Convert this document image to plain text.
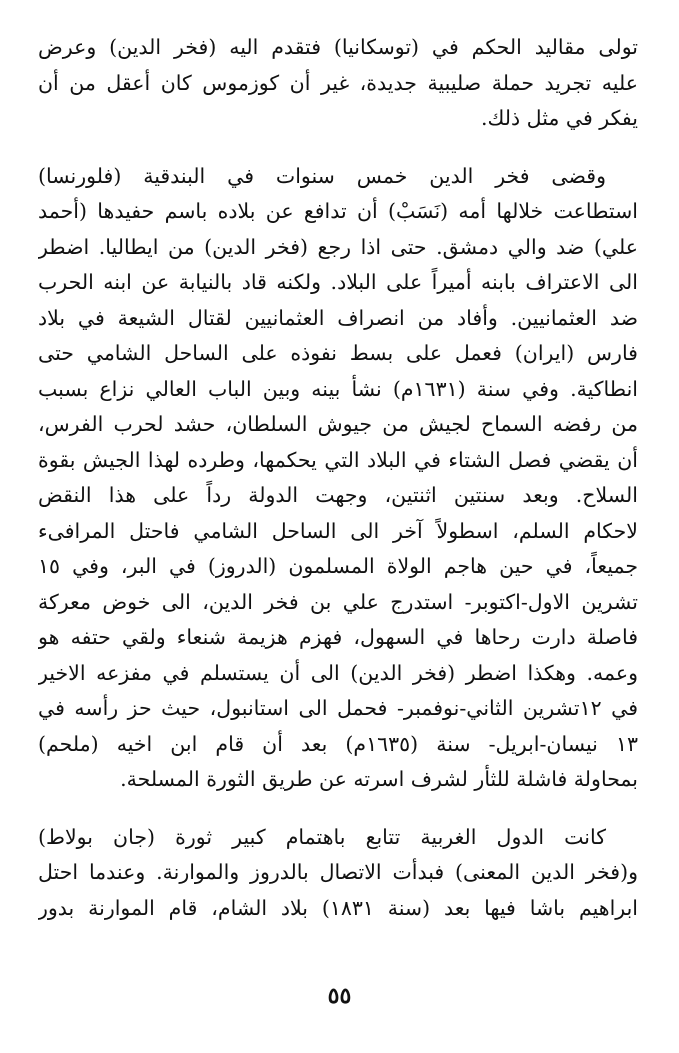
تولى مقاليد الحكم في (توسكانيا) فتقدم اليه (فخر الدين) وعرض
عليه تجريد حملة صليبية جديدة، غير أن كوزموس كان أعقل من أن
يفكر في مثل ذلك.
وقضى فخر الدين خمس سنوات في البندقية (فلورنسا)
استطاعت خلالها أمه (نَسَبْ) أن تدافع عن بلاده باسم حفيدها (أحمد
علي) ضد والي دمشق. حتى اذا رجع (فخر الدين) من ايطاليا. اضطر
الى الاعتراف بابنه أميراً على البلاد. ولكنه قاد بالنيابة عن ابنه الحرب
ضد العثمانيين. وأفاد من انصراف العثمانيين لقتال الشيعة في بلاد
فارس (ايران) فعمل على بسط نفوذه على الساحل الشامي حتى
انطاكية. وفي سنة (١٦٣١م) نشأ بينه وبين الباب العالي نزاع بسبب
من رفضه السماح لجيش من جيوش السلطان، حشد لحرب الفرس،
أن يقضي فصل الشتاء في البلاد التي يحكمها، وطرده لهذا الجيش بقوة
السلاح. وبعد سنتين اثنتين، وجهت الدولة رداً على هذا النقض
لاحكام السلم، اسطولاً آخر الى الساحل الشامي فاحتل المرافىء
جميعاً، في حين هاجم الولاة المسلمون (الدروز) في البر، وفي ١٥
تشرين الاول-اكتوبر- استدرج علي بن فخر الدين، الى خوض معركة
فاصلة دارت رحاها في السهول، فهزم هزيمة شنعاء ولقي حتفه هو
وعمه. وهكذا اضطر (فخر الدين) الى أن يستسلم في مفزعه الاخير
في ١٢تشرين الثاني-نوفمبر- فحمل الى استانبول، حيث حز رأسه في
١٣ نيسان-ابريل- سنة (١٦٣٥م) بعد أن قام ابن اخيه (ملحم)
بمحاولة فاشلة للثأر لشرف اسرته عن طريق الثورة المسلحة.
كانت الدول الغربية تتابع باهتمام كبير ثورة (جان بولاط)
و(فخر الدين المعنى) فبدأت الاتصال بالدروز والموارنة. وعندما احتل
ابراهيم باشا فيها بعد (سنة ١٨٣١) بلاد الشام، قام الموارنة بدور
٥٥
